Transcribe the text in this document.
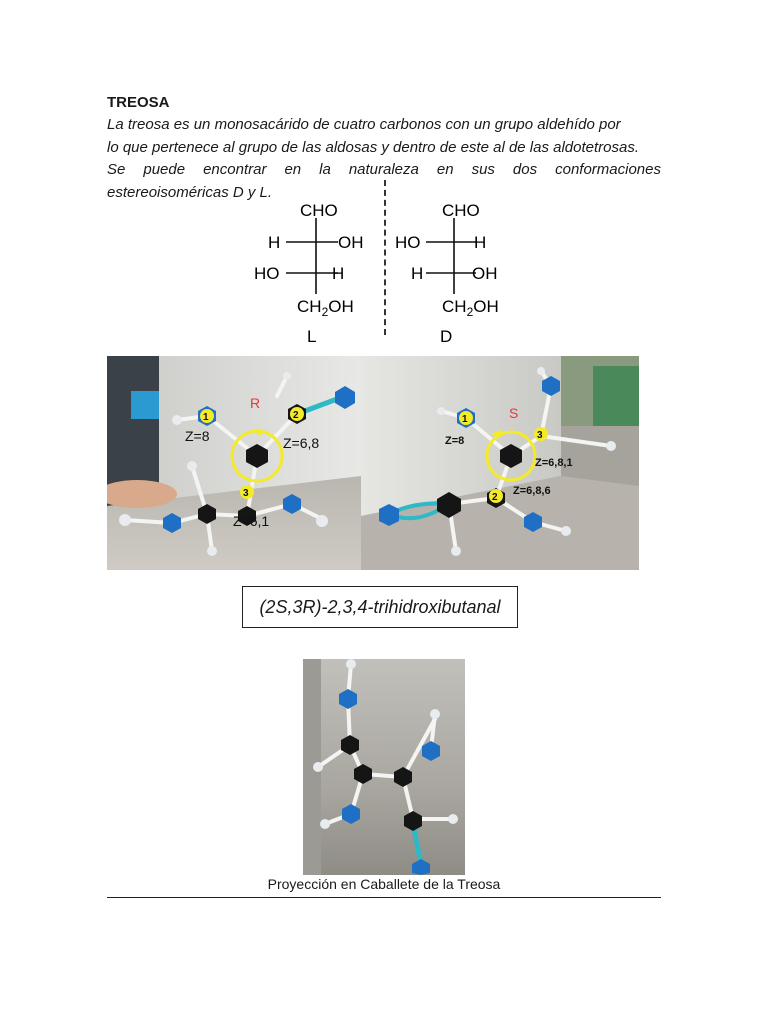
TREOSA
La treosa es un monosacárido de cuatro carbonos con un grupo aldehído por
lo que pertenece al grupo de las aldosas y dentro de este al de las aldotetrosas.
Se puede encontrar en la naturaleza en sus dos conformaciones
estereoisoméricas D y L.
CHO
H	OH
HO	H
$CH_2OH$
L
CHO
HO	H
H	OH
$CH_2OH$
D
1	2
3
R
Z=8	Z=6,8
Z=6,1
1
3
2
S
Z=8
Z=6,8,1
Z=6,8,6
(2S,3R)-2,3,4-trihidroxibutanal
Proyección en Caballete de la Treosa
